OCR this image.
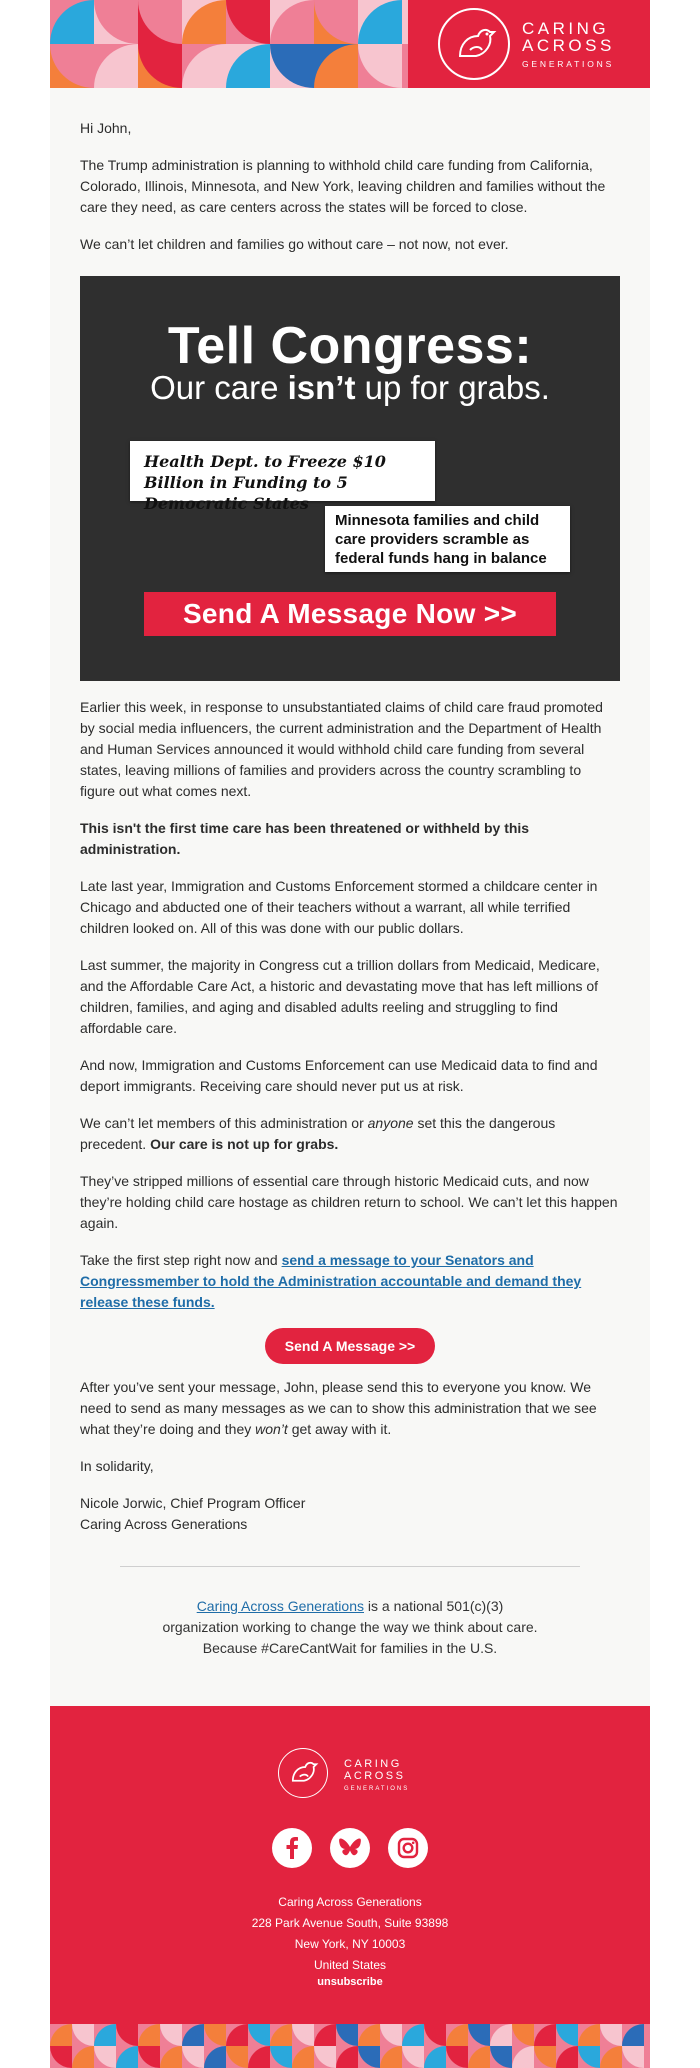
CARING
ACROSS
GENERATIONS

Hi John,

The Trump administration is planning to withhold child care funding from California, Colorado, Illinois, Minnesota, and New York, leaving children and families without the care they need, as care centers across the states will be forced to close.

We can’t let children and families go without care – not now, not ever.

Tell Congress:
Our care isn’t up for grabs.
Health Dept. to Freeze $10 Billion in Funding to 5 Democratic States
Minnesota families and child care providers scramble as federal funds hang in balance
Send A Message Now >>

Earlier this week, in response to unsubstantiated claims of child care fraud promoted by social media influencers, the current administration and the Department of Health and Human Services announced it would withhold child care funding from several states, leaving millions of families and providers across the country scrambling to figure out what comes next.

This isn't the first time care has been threatened or withheld by this administration.

Late last year, Immigration and Customs Enforcement stormed a childcare center in Chicago and abducted one of their teachers without a warrant, all while terrified children looked on. All of this was done with our public dollars.

Last summer, the majority in Congress cut a trillion dollars from Medicaid, Medicare, and the Affordable Care Act, a historic and devastating move that has left millions of children, families, and aging and disabled adults reeling and struggling to find affordable care.

And now, Immigration and Customs Enforcement can use Medicaid data to find and deport immigrants. Receiving care should never put us at risk.

We can’t let members of this administration or anyone set this the dangerous precedent. Our care is not up for grabs.

They’ve stripped millions of essential care through historic Medicaid cuts, and now they’re holding child care hostage as children return to school. We can’t let this happen again.

Take the first step right now and send a message to your Senators and Congressmember to hold the Administration accountable and demand they release these funds.

Send A Message >>

After you’ve sent your message, John, please send this to everyone you know. We need to send as many messages as we can to show this administration that we see what they’re doing and they won’t get away with it.

In solidarity,

Nicole Jorwic, Chief Program Officer

Caring Across Generations

Caring Across Generations is a national 501(c)(3)
organization working to change the way we think about care.
Because #CareCantWait for families in the U.S.
CARING
ACROSS
GENERATIONS
Caring Across Generations
228 Park Avenue South, Suite 93898
New York, NY 10003
United States
unsubscribe
